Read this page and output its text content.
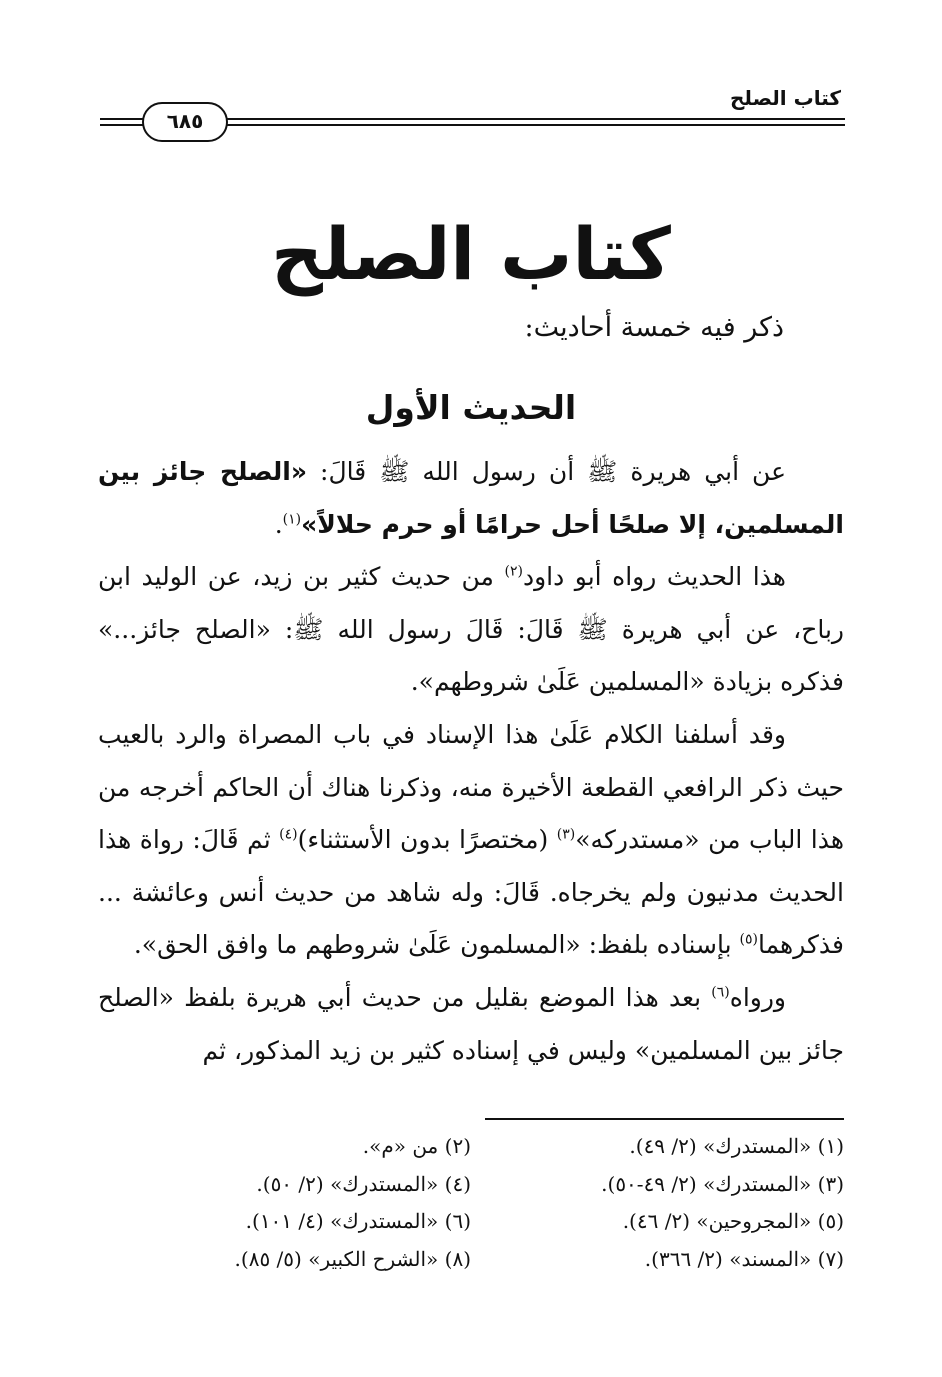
كتاب الصلح
٦٨٥
كتاب الصلح
ذكر فيه خمسة أحاديث:
الحديث الأول

عن أبي هريرة ﷺ أن رسول الله ﷺ قَالَ: «الصلح جائز بين المسلمين، إلا صلحًا أحل حرامًا أو حرم حلالاً»$^{(١)}$.

هذا الحديث رواه أبو داود$^{(٢)}$ من حديث كثير بن زيد، عن الوليد ابن رباح، عن أبي هريرة ﷺ قَالَ: قَالَ رسول الله ﷺ: «الصلح جائز...» فذكره بزيادة «المسلمين عَلَىٰ شروطهم».

وقد أسلفنا الكلام عَلَىٰ هذا الإسناد في باب المصراة والرد بالعيب حيث ذكر الرافعي القطعة الأخيرة منه، وذكرنا هناك أن الحاكم أخرجه من هذا الباب من «مستدركه»$^{(٣)}$ (مختصرًا بدون الأستثناء)$^{(٤)}$ ثم قَالَ: رواة هذا الحديث مدنيون ولم يخرجاه. قَالَ: وله شاهد من حديث أنس وعائشة ... فذكرهما$^{(٥)}$ بإسناده بلفظ: «المسلمون عَلَىٰ شروطهم ما وافق الحق».

ورواه$^{(٦)}$ بعد هذا الموضع بقليل من حديث أبي هريرة بلفظ «الصلح جائز بين المسلمين» وليس في إسناده كثير بن زيد المذكور، ثم

(١) «المستدرك» (٢/ ٤٩).
(٢) من «م».
(٣) «المستدرك» (٢/ ٤٩-٥٠).
(٤) «المستدرك» (٢/ ٥٠).
(٥) «المجروحين» (٢/ ٤٦).
(٦) «المستدرك» (٤/ ١٠١).
(٧) «المسند» (٢/ ٣٦٦).
(٨) «الشرح الكبير» (٥/ ٨٥).
